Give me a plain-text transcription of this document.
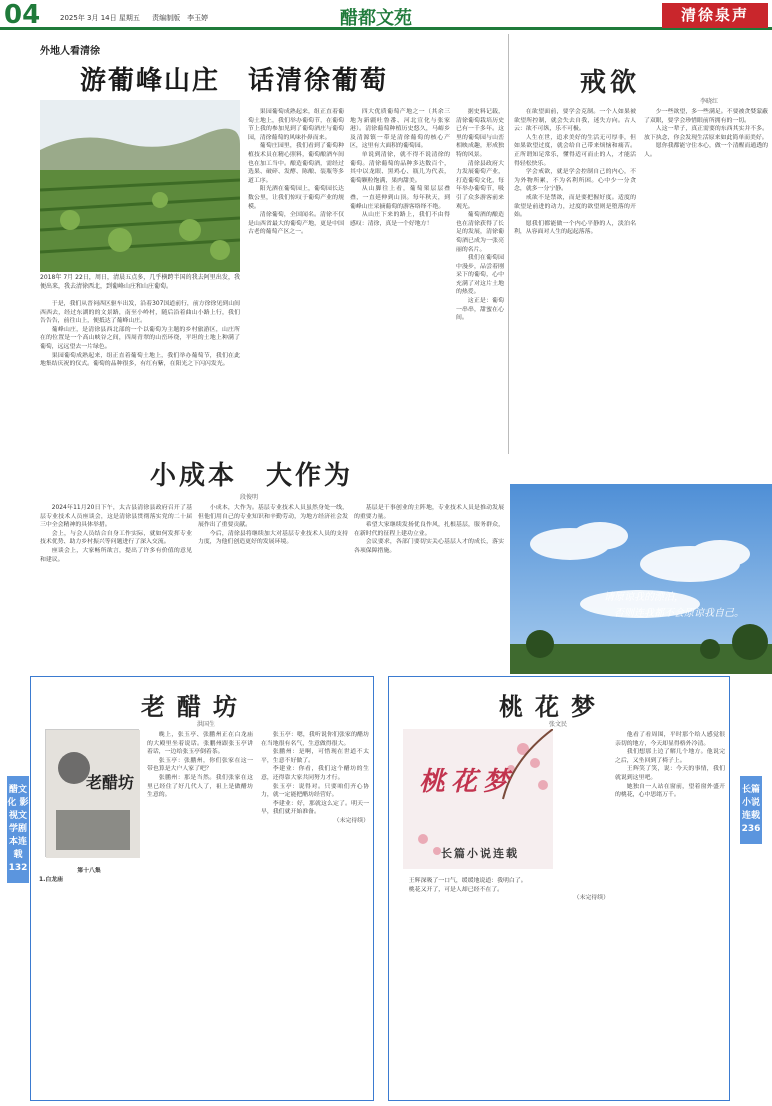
04	2025年 3月 14日 星期五 责编制版　李玉婷	醋都文苑	清徐泉声
外地人看清徐
游葡峰山庄　话清徐葡萄
2018年 7月 22日，周日，清晨五点多，几乎横跨半国的我去阿里出发，我便出来，我去清徐西北，到葡峰山庄和山庄葡萄。

于是，我们从晋祠西区驱车出发，沿着307国道前行，前方徐徐见到山间西西去，经过东湖的的文景路，南至小岭村，随后沿着曲山小路上行，我们告告告，前往山上，便抵达了葡峰山庄。

葡峰山庄，是清徐县西北部的一个以葡萄为主题的乡村旅游区，山庄所在的位置是一个高山峡谷之间，四周青翠的山峦环绕，平坦的土地上种满了葡萄，远远望去一片绿色。

果园葡萄成熟起来，组正直着葡萄土地上，我们举办葡萄节，我们在此地集结庆祝的仪式。葡萄的品种很多，有红有紫，在阳光之下闪闪发光。

果园葡萄成熟起来，组正直着葡萄土地上，我们举办葡萄节，在葡萄节上我的参加见到了葡萄酒庄与葡萄园，清徐葡萄的风味扑鼻而来。

葡萄庄园里，我们看到了葡萄种植技术员在精心照料，葡萄酿酒车间也在加工当中。酿造葡萄酒，需经过选果、破碎、发酵、陈酿、装瓶等多道工序。

阳光洒在葡萄园上，葡萄园长达数公里，让我们惊叹于葡萄产业的规模。

清徐葡萄，全国闻名。清徐不仅是山西省最大的葡萄产地，更是中国古老的葡萄产区之一。

四大优质葡萄产地之一（其余三地为新疆吐鲁番、河北宣化与张家港）。清徐葡萄种植历史悠久，马峪乡及清源镇一带是清徐葡萄的核心产区，这里有大面积的葡萄园。

单说到清徐，就不得不说清徐的葡萄。清徐葡萄的品种多达数百个，其中以龙眼、黑鸡心、瓶儿为代表，葡萄颗粒饱满，果肉甜美。

从山脚往上看，葡萄架层层叠叠，一直延伸到山顶。每年秋天，到葡峰山庄采摘葡萄的游客络绎不绝。

从山庄下来的路上，我们不由得感叹：清徐，真是一个好地方！

据史料记载，清徐葡萄栽培历史已有一千多年。这里的葡萄园与山峦相映成趣，形成独特的风景。

清徐县政府大力发展葡萄产业，打造葡萄文化，每年举办葡萄节，吸引了众多游客前来观光。

葡萄酒的酿造也在清徐获得了长足的发展，清徐葡萄酒已成为一张亮丽的名片。

我们在葡萄园中漫步，品尝着刚采下的葡萄，心中充满了对这片土地的热爱。

这正是：葡萄一串串，甜蜜在心间。

戒欲
李晓红

在欲望面前，要学会克制。一个人如果被欲望所控制，就会失去自我，迷失方向。古人云：欲不可纵，乐不可极。

人生在世，追求美好的生活无可厚非，但如果欲望过度，就会给自己带来烦恼和痛苦。正所谓知足常乐，懂得适可而止的人，才能活得轻松快乐。

学会戒欲，就是学会控制自己的内心，不为外物所累，不为名利所困。心中少一分贪念，就多一分宁静。

戒欲不是禁欲，而是要把握好度。适度的欲望是前进的动力，过度的欲望则是堕落的开始。

愿我们都能做一个内心平静的人，淡泊名利，从容面对人生的起起落落。

少一些欲望，多一些满足。不要被贪婪蒙蔽了双眼，要学会珍惜眼前所拥有的一切。

人这一辈子，真正需要的东西其实并不多。放下执念，你会发现生活原来如此简单而美好。

愿你我都能守住本心，做一个清醒而通透的人。

小成本　大作为
段俊明

2024年11月20日下午，太古县清徐县政府召开了基层专业技术人员座谈会，这是清徐县贯彻落实党的二十届三中全会精神的具体举措。

会上，与会人员结合自身工作实际，就如何发挥专业技术优势、助力乡村振兴等问题进行了深入交流。

座谈会上，大家畅所欲言，提出了许多有价值的意见和建议。

小成本，大作为。基层专业技术人员虽然身处一线，但他们用自己的专业知识和辛勤劳动，为地方经济社会发展作出了重要贡献。

今后，清徐县将继续加大对基层专业技术人员的支持力度，为他们创造更好的发展环境。

基层是干事创业的主阵地，专业技术人员是推动发展的重要力量。

希望大家继续发扬优良作风，扎根基层，服务群众，在新时代的征程上建功立业。

会议要求，各部门要切实关心基层人才的成长，落实各项保障措施。

请原谅我的漂泊，
否则连我都不会原谅我自己。
醋文化 影视文学剧本连载132
老醋坊
洪国生
老醋坊

晚上，张玉亭、张鹏州正在白龙庙的大殿里坐着说话。张鹏州跟张玉亭讲着话，一边给张玉亭倒着茶。

张玉亭：张鹏州，你们张家在这一带也算是大户人家了吧？

张鹏州：那是当然。我们张家在这里已经住了好几代人了，祖上是做醋坊生意的。

张玉亭：嗯，我听说你们张家的醋坊在当地很有名气，生意做得很大。

张鹏州：是啊，可惜现在世道不太平，生意不好做了。

李建业：你看，我们这个醋坊的生意，还得靠大家共同努力才行。

张玉亭：说得对。只要咱们齐心协力，就一定能把醋坊经营好。

李建业：好，那就这么定了。明天一早，我们就开始准备。

（未完待续）

第十八集

1.白龙庙

长篇小说连载236
桃花梦
张文民
桃花梦
长篇小说连载

他看了看周围，平时那个给人感觉很亲切的地方，今天却显得格外冷清。

我们想那上边了解几个地方。他说完之后，又坐回到了椅子上。

王辉笑了笑，说：今天的事情，我们就说到这里吧。

她独自一人站在窗前，望着窗外盛开的桃花，心中思绪万千。

王辉深吸了一口气，缓缓地说道：我明白了。

桃花又开了，可是人却已经不在了。

（未完待续）
